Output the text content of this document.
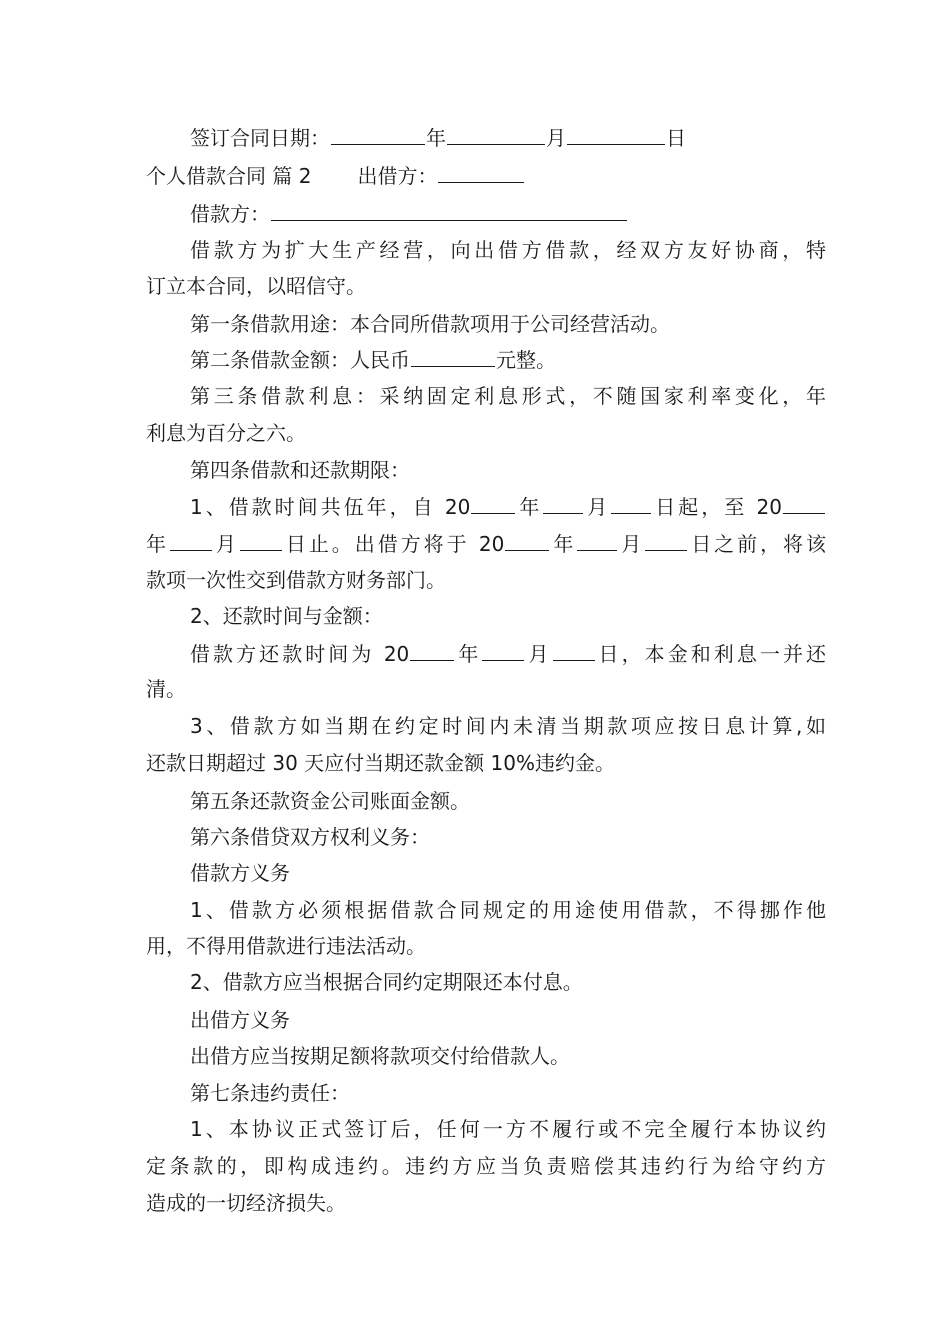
签订合同日期：	年	月	日
个人借款合同 篇 2 出借方：
借款方：
借款方为扩大生产经营，向出借方借款，经双方友好协商，特
订立本合同，以昭信守。
第一条借款用途：本合同所借款项用于公司经营活动。
第二条借款金额：人民币	元整。
第三条借款利息：采纳固定利息形式，不随国家利率变化，年
利息为百分之六。
第四条借款和还款期限：
1、借款时间共伍年，自 20 年 月 日起，至 20
年 月 日止。出借方将于 20 年 月 日之前，将该
款项一次性交到借款方财务部门。
2、还款时间与金额：
借款方还款时间为 20 年 月 日，本金和利息一并还
清。
3、借款方如当期在约定时间内未清当期款项应按日息计算,如
还款日期超过 30 天应付当期还款金额 10%违约金。
第五条还款资金公司账面金额。
第六条借贷双方权利义务：
借款方义务
1、借款方必须根据借款合同规定的用途使用借款，不得挪作他
用，不得用借款进行违法活动。
2、借款方应当根据合同约定期限还本付息。
出借方义务
出借方应当按期足额将款项交付给借款人。
第七条违约责任：
1、本协议正式签订后，任何一方不履行或不完全履行本协议约
定条款的，即构成违约。违约方应当负责赔偿其违约行为给守约方
造成的一切经济损失。
